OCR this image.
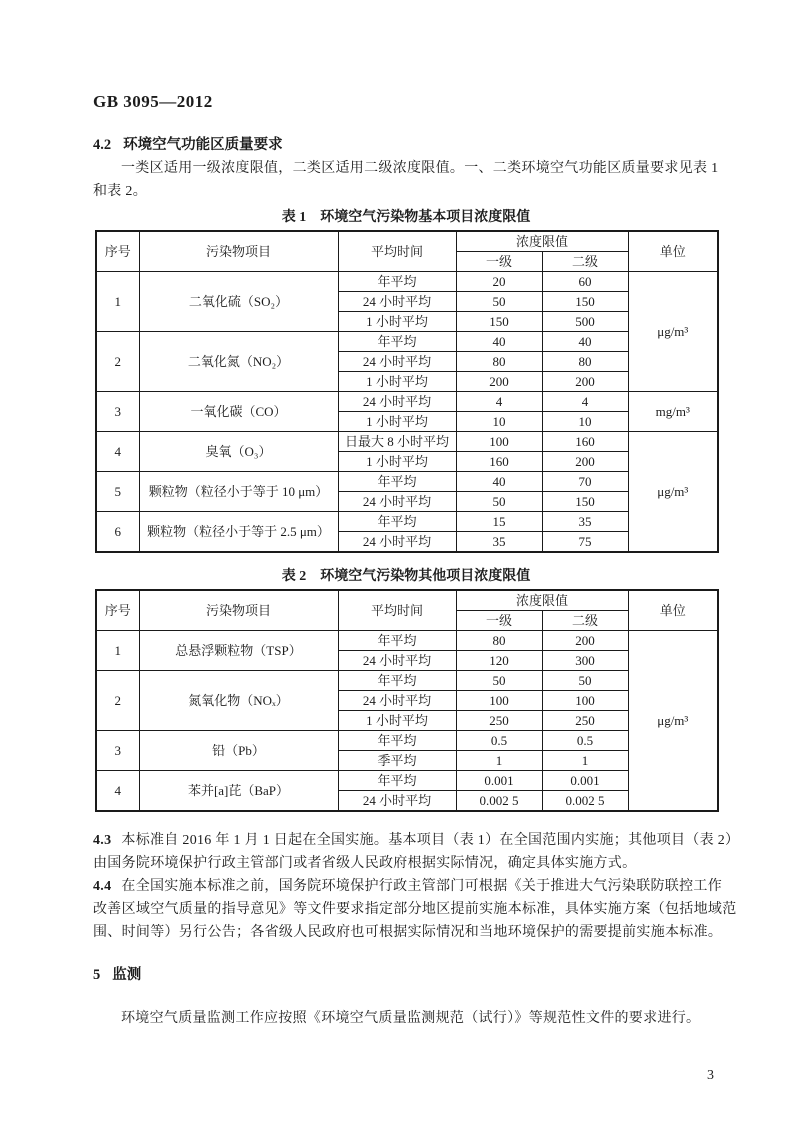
GB 3095—2012
4.2 环境空气功能区质量要求
一类区适用一级浓度限值，二类区适用二级浓度限值。一、二类环境空气功能区质量要求见表 1
和表 2。
表 1　环境空气污染物基本项目浓度限值
序号	污染物项目	平均时间	浓度限值		单位
			一级	二级	
1	二氧化硫（SO₂）	年平均	20	60	μg/m³
		24 小时平均	50	150	
		1 小时平均	150	500	
2	二氧化氮（NO₂）	年平均	40	40	
		24 小时平均	80	80	
		1 小时平均	200	200	
3	一氧化碳（CO）	24 小时平均	4	4	mg/m³
		1 小时平均	10	10	
4	臭氧（O₃）	日最大 8 小时平均	100	160	μg/m³
		1 小时平均	160	200	
5	颗粒物（粒径小于等于 10 μm）	年平均	40	70	
		24 小时平均	50	150	
6	颗粒物（粒径小于等于 2.5 μm）	年平均	15	35	
		24 小时平均	35	75	
表 2　环境空气污染物其他项目浓度限值
序号	污染物项目	平均时间	浓度限值		单位
			一级	二级	
1	总悬浮颗粒物（TSP）	年平均	80	200	μg/m³
		24 小时平均	120	300	
2	氮氧化物（NOₓ）	年平均	50	50	
		24 小时平均	100	100	
		1 小时平均	250	250	
3	铅（Pb）	年平均	0.5	0.5	
		季平均	1	1	
4	苯并[a]芘（BaP）	年平均	0.001	0.001	
		24 小时平均	0.002 5	0.002 5	
4.3 本标准自 2016 年 1 月 1 日起在全国实施。基本项目（表 1）在全国范围内实施；其他项目（表 2）
由国务院环境保护行政主管部门或者省级人民政府根据实际情况，确定具体实施方式。
4.4 在全国实施本标准之前，国务院环境保护行政主管部门可根据《关于推进大气污染联防联控工作
改善区域空气质量的指导意见》等文件要求指定部分地区提前实施本标准，具体实施方案（包括地域范
围、时间等）另行公告；各省级人民政府也可根据实际情况和当地环境保护的需要提前实施本标准。
5 监测
环境空气质量监测工作应按照《环境空气质量监测规范（试行）》等规范性文件的要求进行。
3
